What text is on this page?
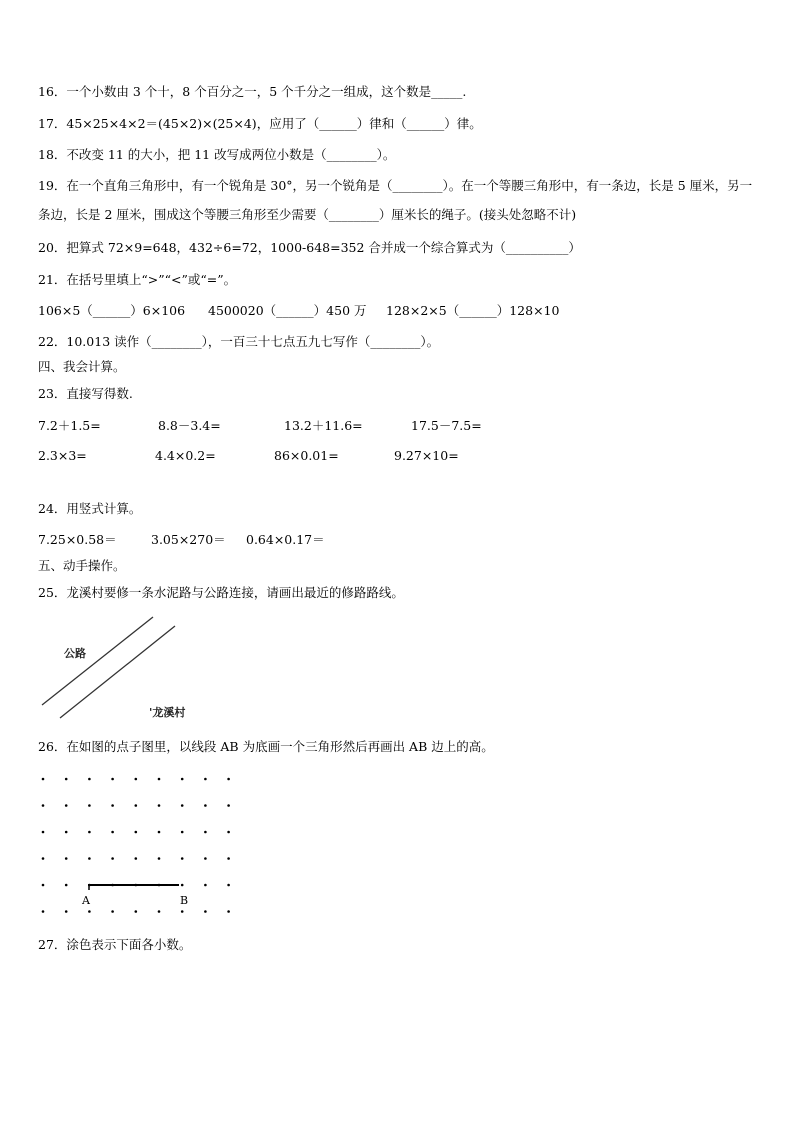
16．一个小数由 3 个十，8 个百分之一，5 个千分之一组成，这个数是_____.
17．45×25×4×2＝(45×2)×(25×4)，应用了（______）律和（______）律。
18．不改变 11 的大小，把 11 改写成两位小数是（________）。
19．在一个直角三角形中，有一个锐角是 30°，另一个锐角是（________）。在一个等腰三角形中，有一条边，长是 5 厘米，另一条边，长是 2 厘米，围成这个等腰三角形至少需要（________）厘米长的绳子。(接头处忽略不计)
20．把算式 72×9=648，432÷6=72，1000-648=352 合并成一个综合算式为（__________）
21．在括号里填上“>”“<”或“=”。
106×5（______）6×106 4500020（______）450 万 128×2×5（______）128×10
22．10.013 读作（________），一百三十七点五九七写作（________）。
四、我会计算。
23．直接写得数.
7.2＋1.5=	8.8－3.4=	13.2＋11.6=	17.5－7.5=
2.3×3=	4.4×0.2=	86×0.01=	9.27×10=
24．用竖式计算。
7.25×0.58＝	3.05×270＝ 0.64×0.17＝
五、动手操作。
25．龙溪村要修一条水泥路与公路连接，请画出最近的修路路线。
公路
'龙溪村
26．在如图的点子图里，以线段 AB 为底画一个三角形然后再画出 AB 边上的高。
A	B
27．涂色表示下面各小数。
